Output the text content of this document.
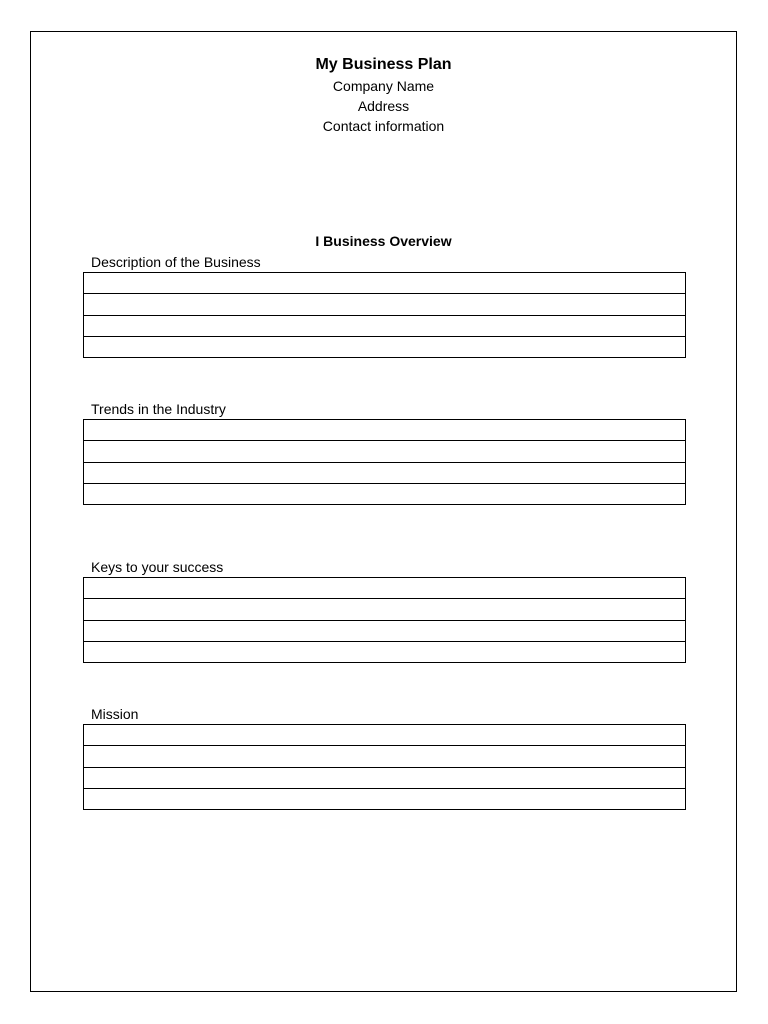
My Business Plan
Company Name
Address
Contact information
I Business Overview
Description of the Business
Trends in the Industry
Keys to your success
Mission
